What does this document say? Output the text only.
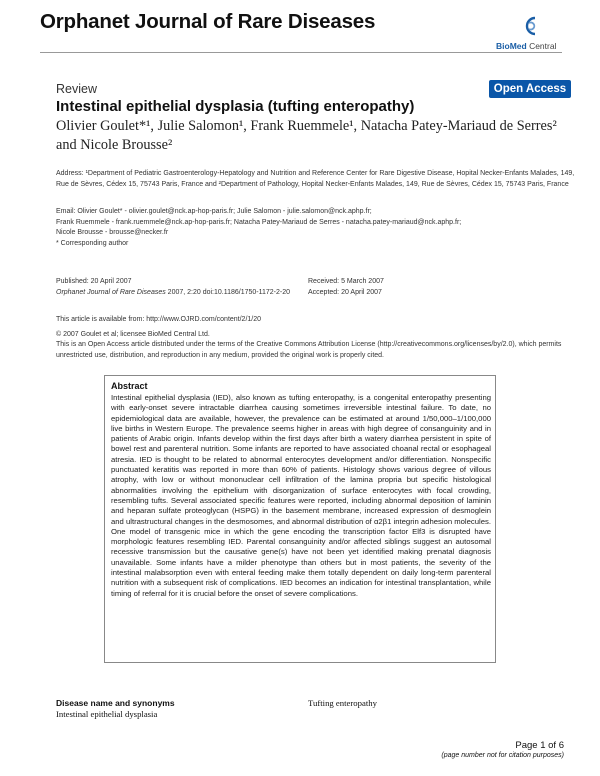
Orphanet Journal of Rare Diseases
BioMed Central
Review	Open Access
Intestinal epithelial dysplasia (tufting enteropathy)
Olivier Goulet*¹, Julie Salomon¹, Frank Ruemmele¹, Natacha Patey-Mariaud de Serres² and Nicole Brousse²
Address: ¹Department of Pediatric Gastroenterology-Hepatology and Nutrition and Reference Center for Rare Digestive Disease, Hopital Necker-Enfants Malades, 149, Rue de Sèvres, Cédex 15, 75743 Paris, France and ²Department of Pathology, Hopital Necker-Enfants Malades, 149, Rue de Sèvres, Cédex 15, 75743 Paris, France
Email: Olivier Goulet* - olivier.goulet@nck.ap-hop-paris.fr; Julie Salomon - julie.salomon@nck.aphp.fr;
Frank Ruemmele - frank.ruemmele@nck.ap-hop-paris.fr; Natacha Patey-Mariaud de Serres - natacha.patey-mariaud@nck.aphp.fr;
Nicole Brousse - brousse@necker.fr
* Corresponding author
Published: 20 April 2007
Orphanet Journal of Rare Diseases 2007, 2:20 doi:10.1186/1750-1172-2-20
Received: 5 March 2007
Accepted: 20 April 2007
This article is available from: http://www.OJRD.com/content/2/1/20
© 2007 Goulet et al; licensee BioMed Central Ltd.
This is an Open Access article distributed under the terms of the Creative Commons Attribution License (http://creativecommons.org/licenses/by/2.0), which permits unrestricted use, distribution, and reproduction in any medium, provided the original work is properly cited.
Abstract
Intestinal epithelial dysplasia (IED), also known as tufting enteropathy, is a congenital enteropathy presenting with early-onset severe intractable diarrhea causing sometimes irreversible intestinal failure. To date, no epidemiological data are available, however, the prevalence can be estimated at around 1/50,000–1/100,000 live births in Western Europe. The prevalence seems higher in areas with high degree of consanguinity and in patients of Arabic origin. Infants develop within the first days after birth a watery diarrhea persistent in spite of bowel rest and parenteral nutrition. Some infants are reported to have associated choanal rectal or esophageal atresia. IED is thought to be related to abnormal enterocytes development and/or differentiation. Nonspecific punctuated keratitis was reported in more than 60% of patients. Histology shows various degree of villous atrophy, with low or without mononuclear cell infiltration of the lamina propria but specific histological abnormalities involving the epithelium with disorganization of surface enterocytes with focal crowding, resembling tufts. Several associated specific features were reported, including abnormal deposition of laminin and heparan sulfate proteoglycan (HSPG) in the basement membrane, increased expression of desmoglein and ultrastructural changes in the desmosomes, and abnormal distribution of α2β1 integrin adhesion molecules. One model of transgenic mice in which the gene encoding the transcription factor Elf3 is disrupted have morphologic features resembling IED. Parental consanguinity and/or affected siblings suggest an autosomal recessive transmission but the causative gene(s) have not been yet identified making prenatal diagnosis unavailable. Some infants have a milder phenotype than others but in most patients, the severity of the intestinal malabsorption even with enteral feeding make them totally dependent on daily long-term parenteral nutrition with a subsequent risk of complications. IED becomes an indication for intestinal transplantation, while timing of referral for it is crucial before the onset of severe complications.
Disease name and synonyms
Intestinal epithelial dysplasia
Tufting enteropathy
Page 1 of 6
(page number not for citation purposes)
